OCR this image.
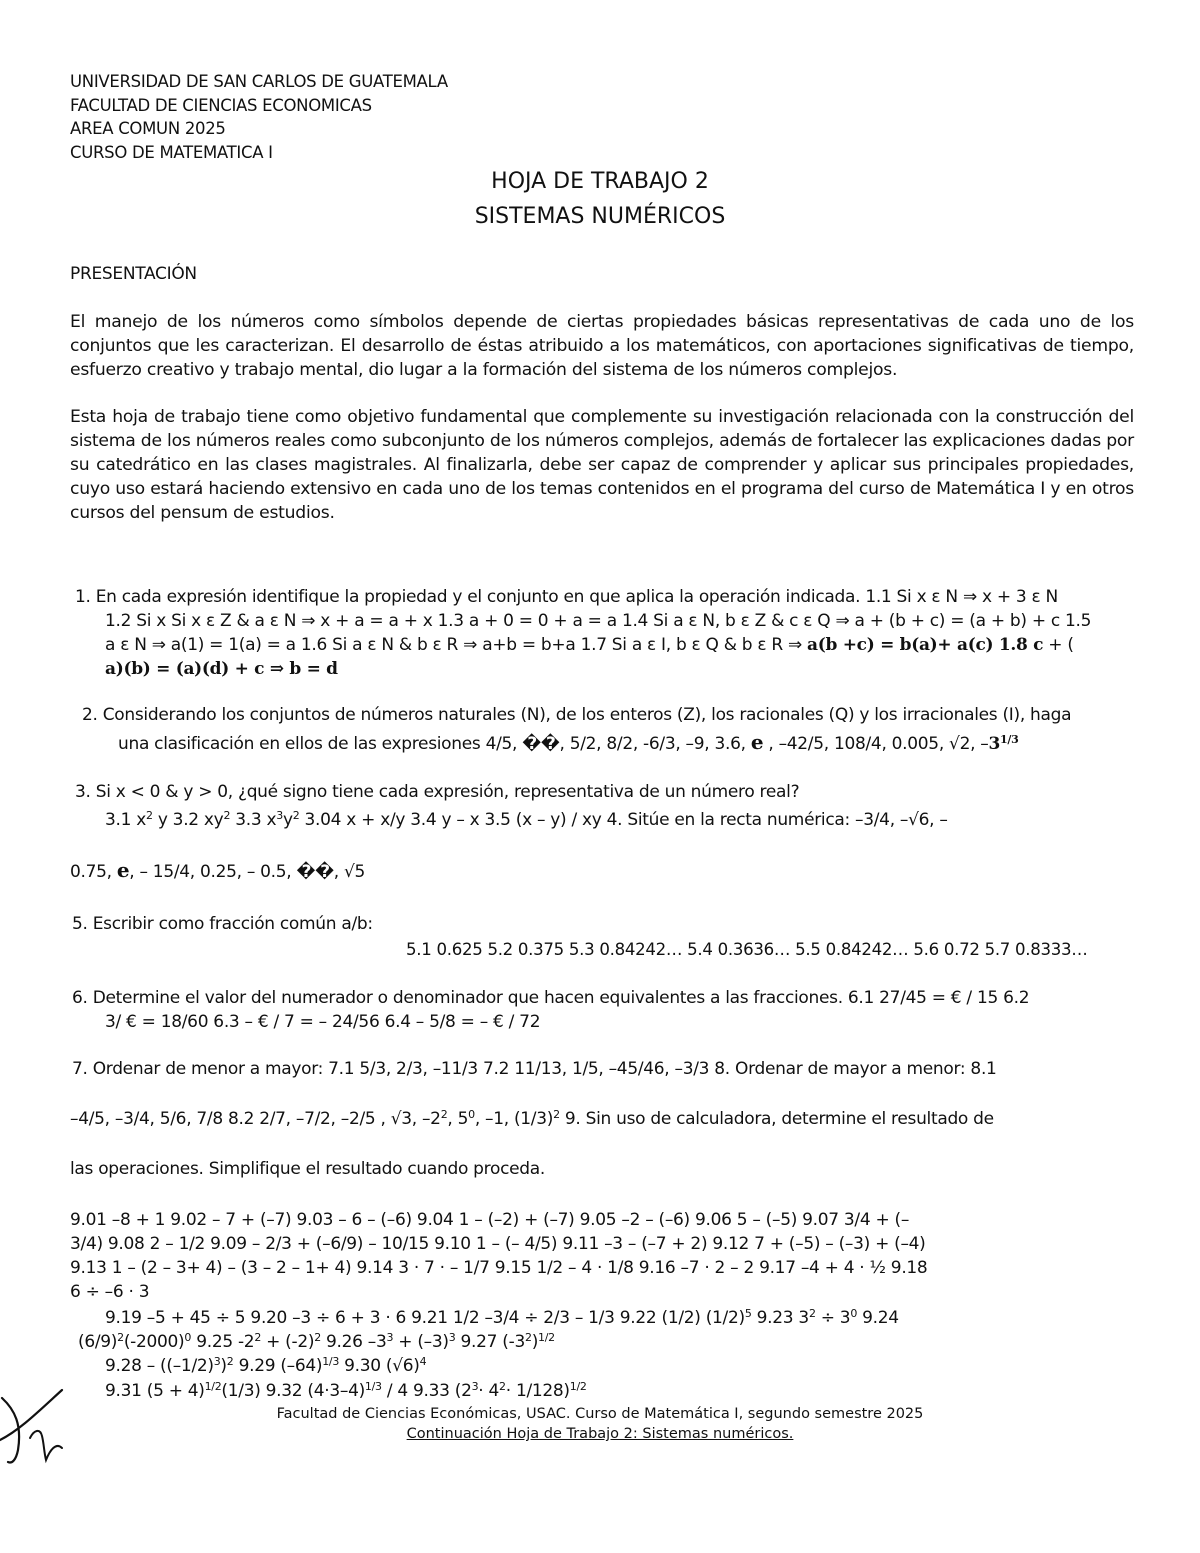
UNIVERSIDAD DE SAN CARLOS DE GUATEMALA
FACULTAD DE CIENCIAS ECONOMICAS
AREA COMUN 2025
CURSO DE MATEMATICA I
HOJA DE TRABAJO 2
SISTEMAS NUMÉRICOS
PRESENTACIÓN
El manejo de los números como símbolos depende de ciertas propiedades básicas representativas de cada uno de los conjuntos que les caracterizan. El desarrollo de éstas atribuido a los matemáticos, con aportaciones significativas de tiempo, esfuerzo creativo y trabajo mental, dio lugar a la formación del sistema de los números complejos.
Esta hoja de trabajo tiene como objetivo fundamental que complemente su investigación relacionada con la construcción del sistema de los números reales como subconjunto de los números complejos, además de fortalecer las explicaciones dadas por su catedrático en las clases magistrales. Al finalizarla, debe ser capaz de comprender y aplicar sus principales propiedades, cuyo uso estará haciendo extensivo en cada uno de los temas contenidos en el programa del curso de Matemática I y en otros cursos del pensum de estudios.
1. En cada expresión identifique la propiedad y el conjunto en que aplica la operación indicada. 1.1 Si x ε N ⇒ x + 3 ε N
1.2 Si x Si x ε Z & a ε N ⇒ x + a = a + x 1.3 a + 0 = 0 + a = a 1.4 Si a ε N, b ε Z & c ε Q ⇒ a + (b + c) = (a + b) + c 1.5
a ε N ⇒ a(1) = 1(a) = a 1.6 Si a ε N & b ε R ⇒ a+b = b+a 1.7 Si a ε I, b ε Q & b ε R ⇒ a(b +c) = b(a)+ a(c) 1.8 c + (
a)(b) = (a)(d) + c ⇒ b = d
2. Considerando los conjuntos de números naturales (N), de los enteros (Z), los racionales (Q) y los irracionales (I), haga
una clasificación en ellos de las expresiones 4/5, ��, 5/2, 8/2, -6/3, –9, 3.6, e , –42/5, 108/4, 0.005, √2, $-3^{1/3}$
3. Si x < 0 & y > 0, ¿qué signo tiene cada expresión, representativa de un número real?
3.1 $x^2$ y 3.2 $xy^2$ 3.3 $x^3y^2$ 3.04 x + x/y 3.4 y – x 3.5 (x – y) / xy 4. Sitúe en la recta numérica: –3/4, –√6, –
0.75, e, – 15/4, 0.25, – 0.5, ��, √5
5. Escribir como fracción común a/b:
5.1 0.625 5.2 0.375 5.3 0.84242… 5.4 0.3636… 5.5 0.84242… 5.6 0.72 5.7 0.8333…
6. Determine el valor del numerador o denominador que hacen equivalentes a las fracciones. 6.1 27/45 = € / 15 6.2
3/ € = 18/60 6.3 – € / 7 = – 24/56 6.4 – 5/8 = – € / 72
7. Ordenar de menor a mayor: 7.1 5/3, 2/3, –11/3 7.2 11/13, 1/5, –45/46, –3/3 8. Ordenar de mayor a menor: 8.1
–4/5, –3/4, 5/6, 7/8 8.2 2/7, –7/2, –2/5 , √3, $-2^2$, $5^0$, –1, $(1/3)^2$ 9. Sin uso de calculadora, determine el resultado de
las operaciones. Simplifique el resultado cuando proceda.
9.01 –8 + 1 9.02 – 7 + (–7) 9.03 – 6 – (–6) 9.04 1 – (–2) + (–7) 9.05 –2 – (–6) 9.06 5 – (–5) 9.07 3/4 + (–
3/4) 9.08 2 – 1/2 9.09 – 2/3 + (–6/9) – 10/15 9.10 1 – (– 4/5) 9.11 –3 – (–7 + 2) 9.12 7 + (–5) – (–3) + (–4)
9.13 1 – (2 – 3+ 4) – (3 – 2 – 1+ 4) 9.14 3 · 7 · – 1/7 9.15 1/2 – 4 · 1/8 9.16 –7 · 2 – 2 9.17 –4 + 4 · ½ 9.18
6 ÷ –6 · 3
9.19 –5 + 45 ÷ 5 9.20 –3 ÷ 6 + 3 · 6 9.21 1/2 –3/4 ÷ 2/3 – 1/3 9.22 (1/2) $(1/2)^5$ 9.23 $3^2 \div 3^0$ 9.24
$(6/9)^2(-2000)^0$ 9.25 $-2^2 + (-2)^2$ 9.26 $-3^3 + (-3)^3$ 9.27 $(-3^2)^{1/2}$
$9.28 - ((-1/2)^3)^2$ 9.29 $(-64)^{1/3}$ 9.30 $(√6)^4$
9.31 $(5 + 4)^{1/2}(1/3)$ 9.32 $(4\cdot 3-4)^{1/3} / 4$ 9.33 $(2^3\cdot 4^2\cdot 1/128)^{1/2}$
Facultad de Ciencias Económicas, USAC. Curso de Matemática I, segundo semestre 2025
Continuación Hoja de Trabajo 2: Sistemas numéricos.
